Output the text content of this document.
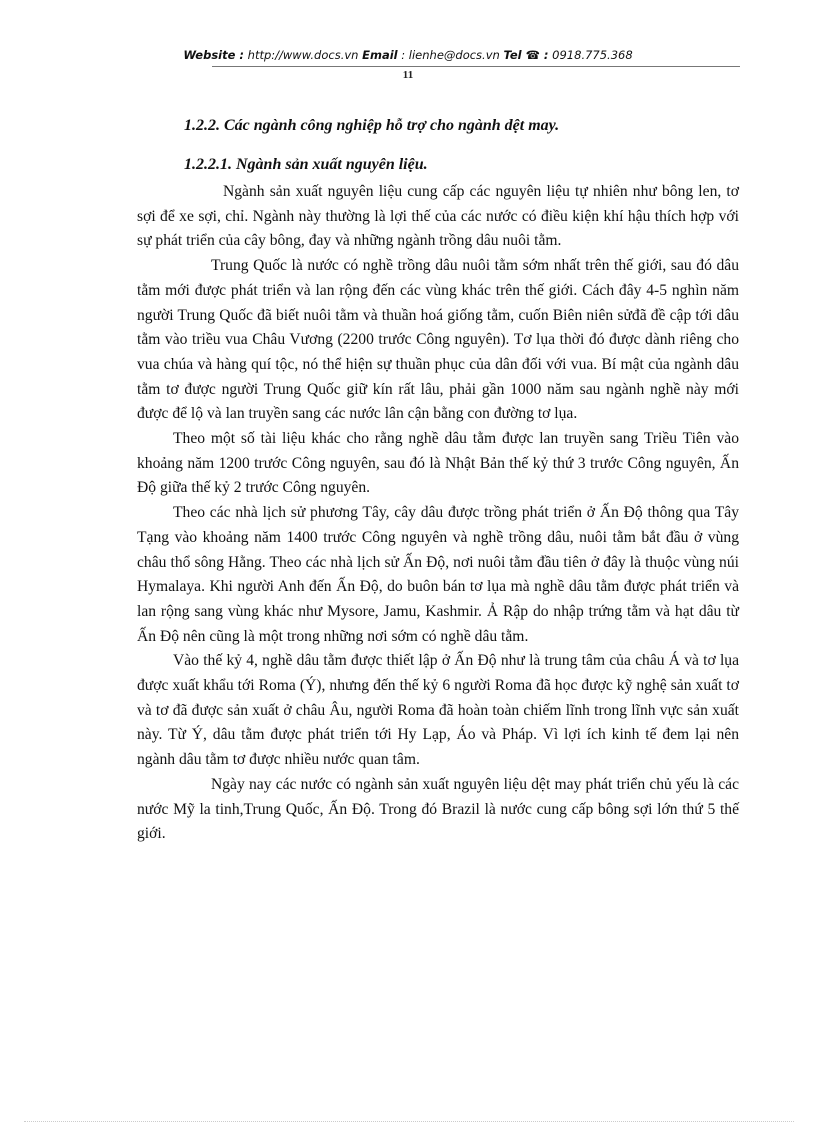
Website : http://www.docs.vn Email : lienhe@docs.vn Tel ☎ : 0918.775.368
11
1.2.2. Các ngành công nghiệp hỗ trợ cho ngành dệt may.
1.2.2.1. Ngành sản xuất nguyên liệu.

Ngành sản xuất nguyên liệu cung cấp các nguyên liệu tự nhiên như bông len, tơ sợi để xe sợi, chỉ. Ngành này thường là lợi thế của các nước có điều kiện khí hậu thích hợp với sự phát triển của cây bông, đay và những ngành trồng dâu nuôi tằm.

Trung Quốc là nước có nghề trồng dâu nuôi tằm sớm nhất trên thế giới, sau đó dâu tằm mới được phát triển và lan rộng đến các vùng khác trên thế giới. Cách đây 4-5 nghìn năm người Trung Quốc đã biết nuôi tằm và thuần hoá giống tằm, cuốn Biên niên sửđã đề cập tới dâu tằm vào triều vua Châu Vương (2200 trước Công nguyên). Tơ lụa thời đó được dành riêng cho vua chúa và hàng quí tộc, nó thể hiện sự thuần phục của dân đối với vua. Bí mật của ngành dâu tằm tơ được người Trung Quốc giữ kín rất lâu, phải gần 1000 năm sau ngành nghề này mới được để lộ và lan truyền sang các nước lân cận bằng con đường tơ lụa.

Theo một số tài liệu khác cho rằng nghề dâu tằm được lan truyền sang Triều Tiên vào khoảng năm 1200 trước Công nguyên, sau đó là Nhật Bản thế kỷ thứ 3 trước Công nguyên, Ấn Độ giữa thế kỷ 2 trước Công nguyên.

Theo các nhà lịch sử phương Tây, cây dâu được trồng phát triển ở Ấn Độ thông qua Tây Tạng vào khoảng năm 1400 trước Công nguyên và nghề trồng dâu, nuôi tằm bắt đầu ở vùng châu thổ sông Hằng. Theo các nhà lịch sử Ấn Độ, nơi nuôi tằm đầu tiên ở đây là thuộc vùng núi Hymalaya. Khi người Anh đến Ấn Độ, do buôn bán tơ lụa mà nghề dâu tằm được phát triển và lan rộng sang vùng khác như Mysore, Jamu, Kashmir. Ả Rập do nhập trứng tằm và hạt dâu từ Ấn Độ nên cũng là một trong những nơi sớm có nghề dâu tằm.

Vào thế kỷ 4, nghề dâu tằm được thiết lập ở Ấn Độ như là trung tâm của châu Á và tơ lụa được xuất khẩu tới Roma (Ý), nhưng đến thế kỷ 6 người Roma đã học được kỹ nghệ sản xuất tơ và tơ đã được sản xuất ở châu Âu, người Roma đã hoàn toàn chiếm lĩnh trong lĩnh vực sản xuất này. Từ Ý, dâu tằm được phát triển tới Hy Lạp, Áo và Pháp. Vì lợi ích kinh tế đem lại nên ngành dâu tằm tơ được nhiều nước quan tâm.

Ngày nay các nước có ngành sản xuất nguyên liệu dệt may phát triển chủ yếu là các nước Mỹ la tinh,Trung Quốc, Ấn Độ. Trong đó Brazil là nước cung cấp bông sợi lớn thứ 5 thế giới.
